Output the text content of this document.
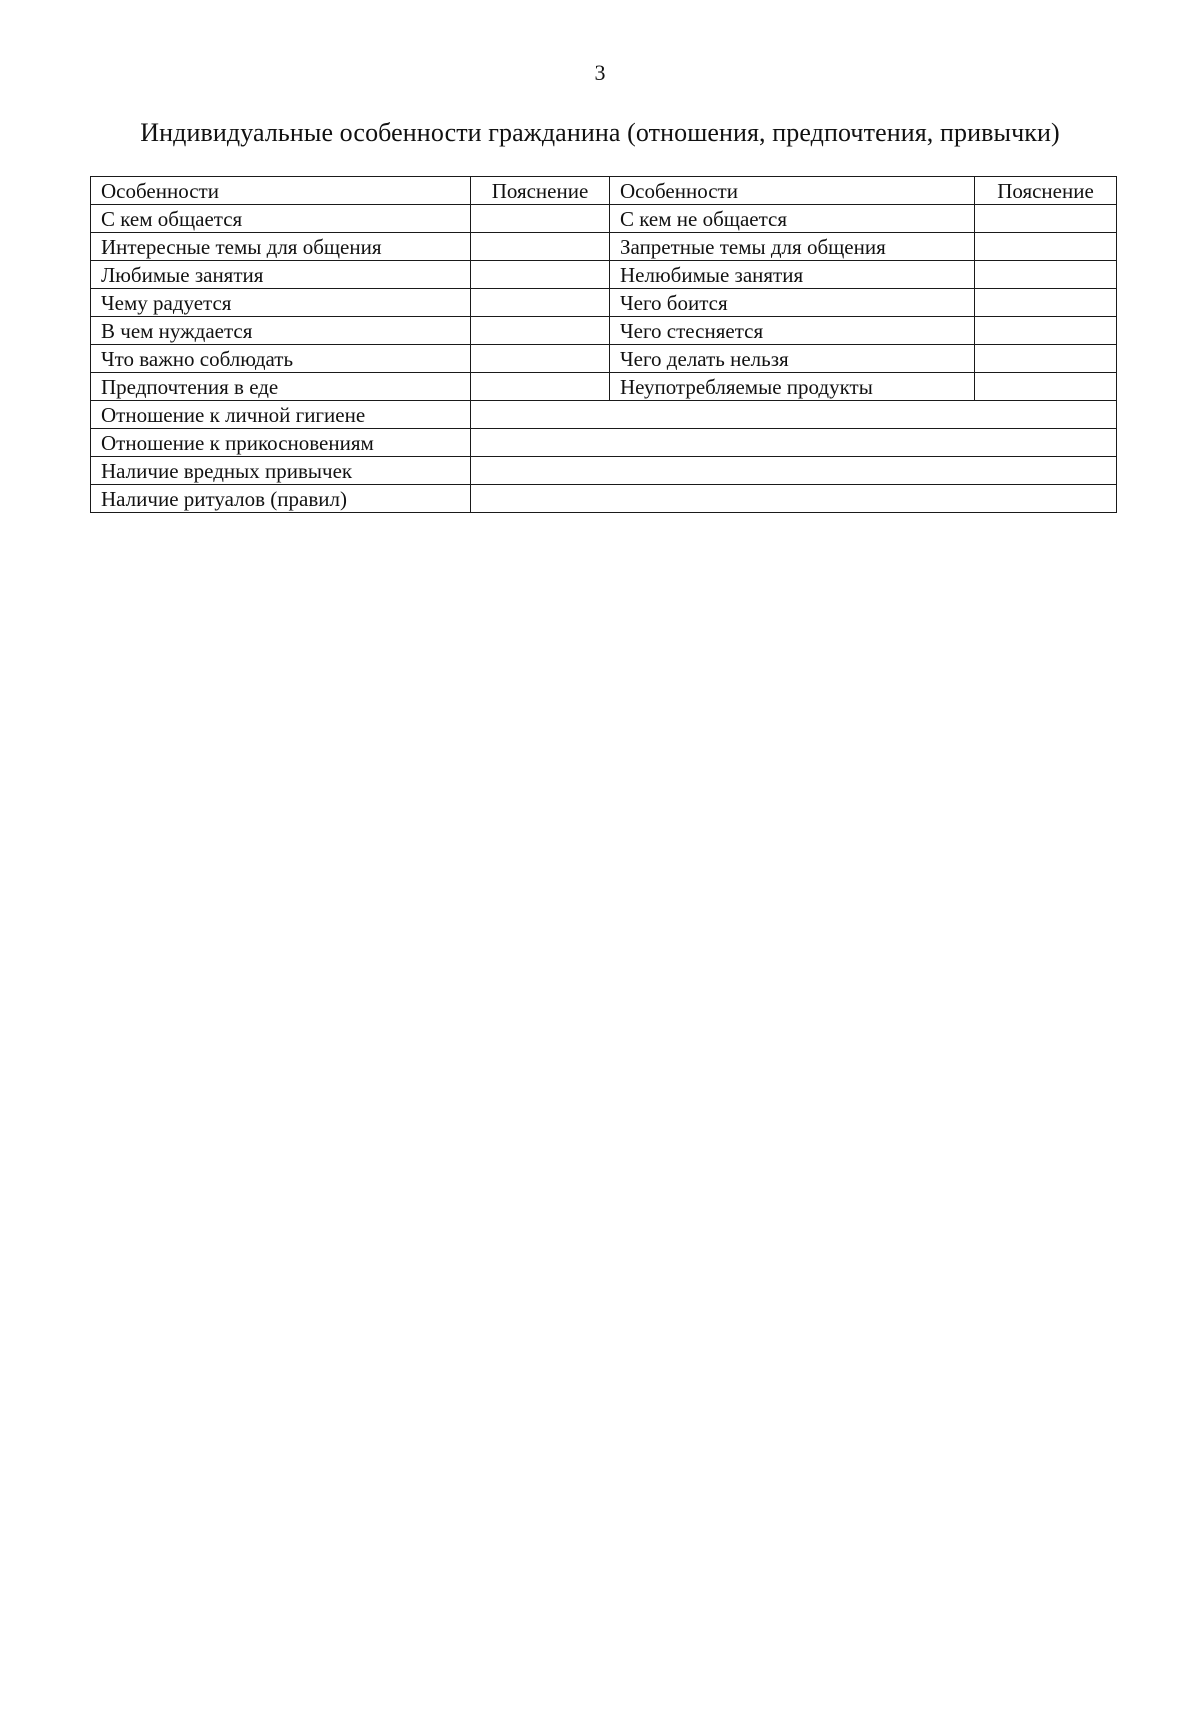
3
Индивидуальные особенности гражданина (отношения, предпочтения, привычки)
Особенности	Пояснение	Особенности	Пояснение
С кем общается		С кем не общается	
Интересные темы для общения		Запретные темы для общения	
Любимые занятия		Нелюбимые занятия	
Чему радуется		Чего боится	
В чем нуждается		Чего стесняется	
Что важно соблюдать		Чего делать нельзя	
Предпочтения в еде		Неупотребляемые продукты	
Отношение к личной гигиене			
Отношение к прикосновениям			
Наличие вредных привычек			
Наличие ритуалов (правил)			
